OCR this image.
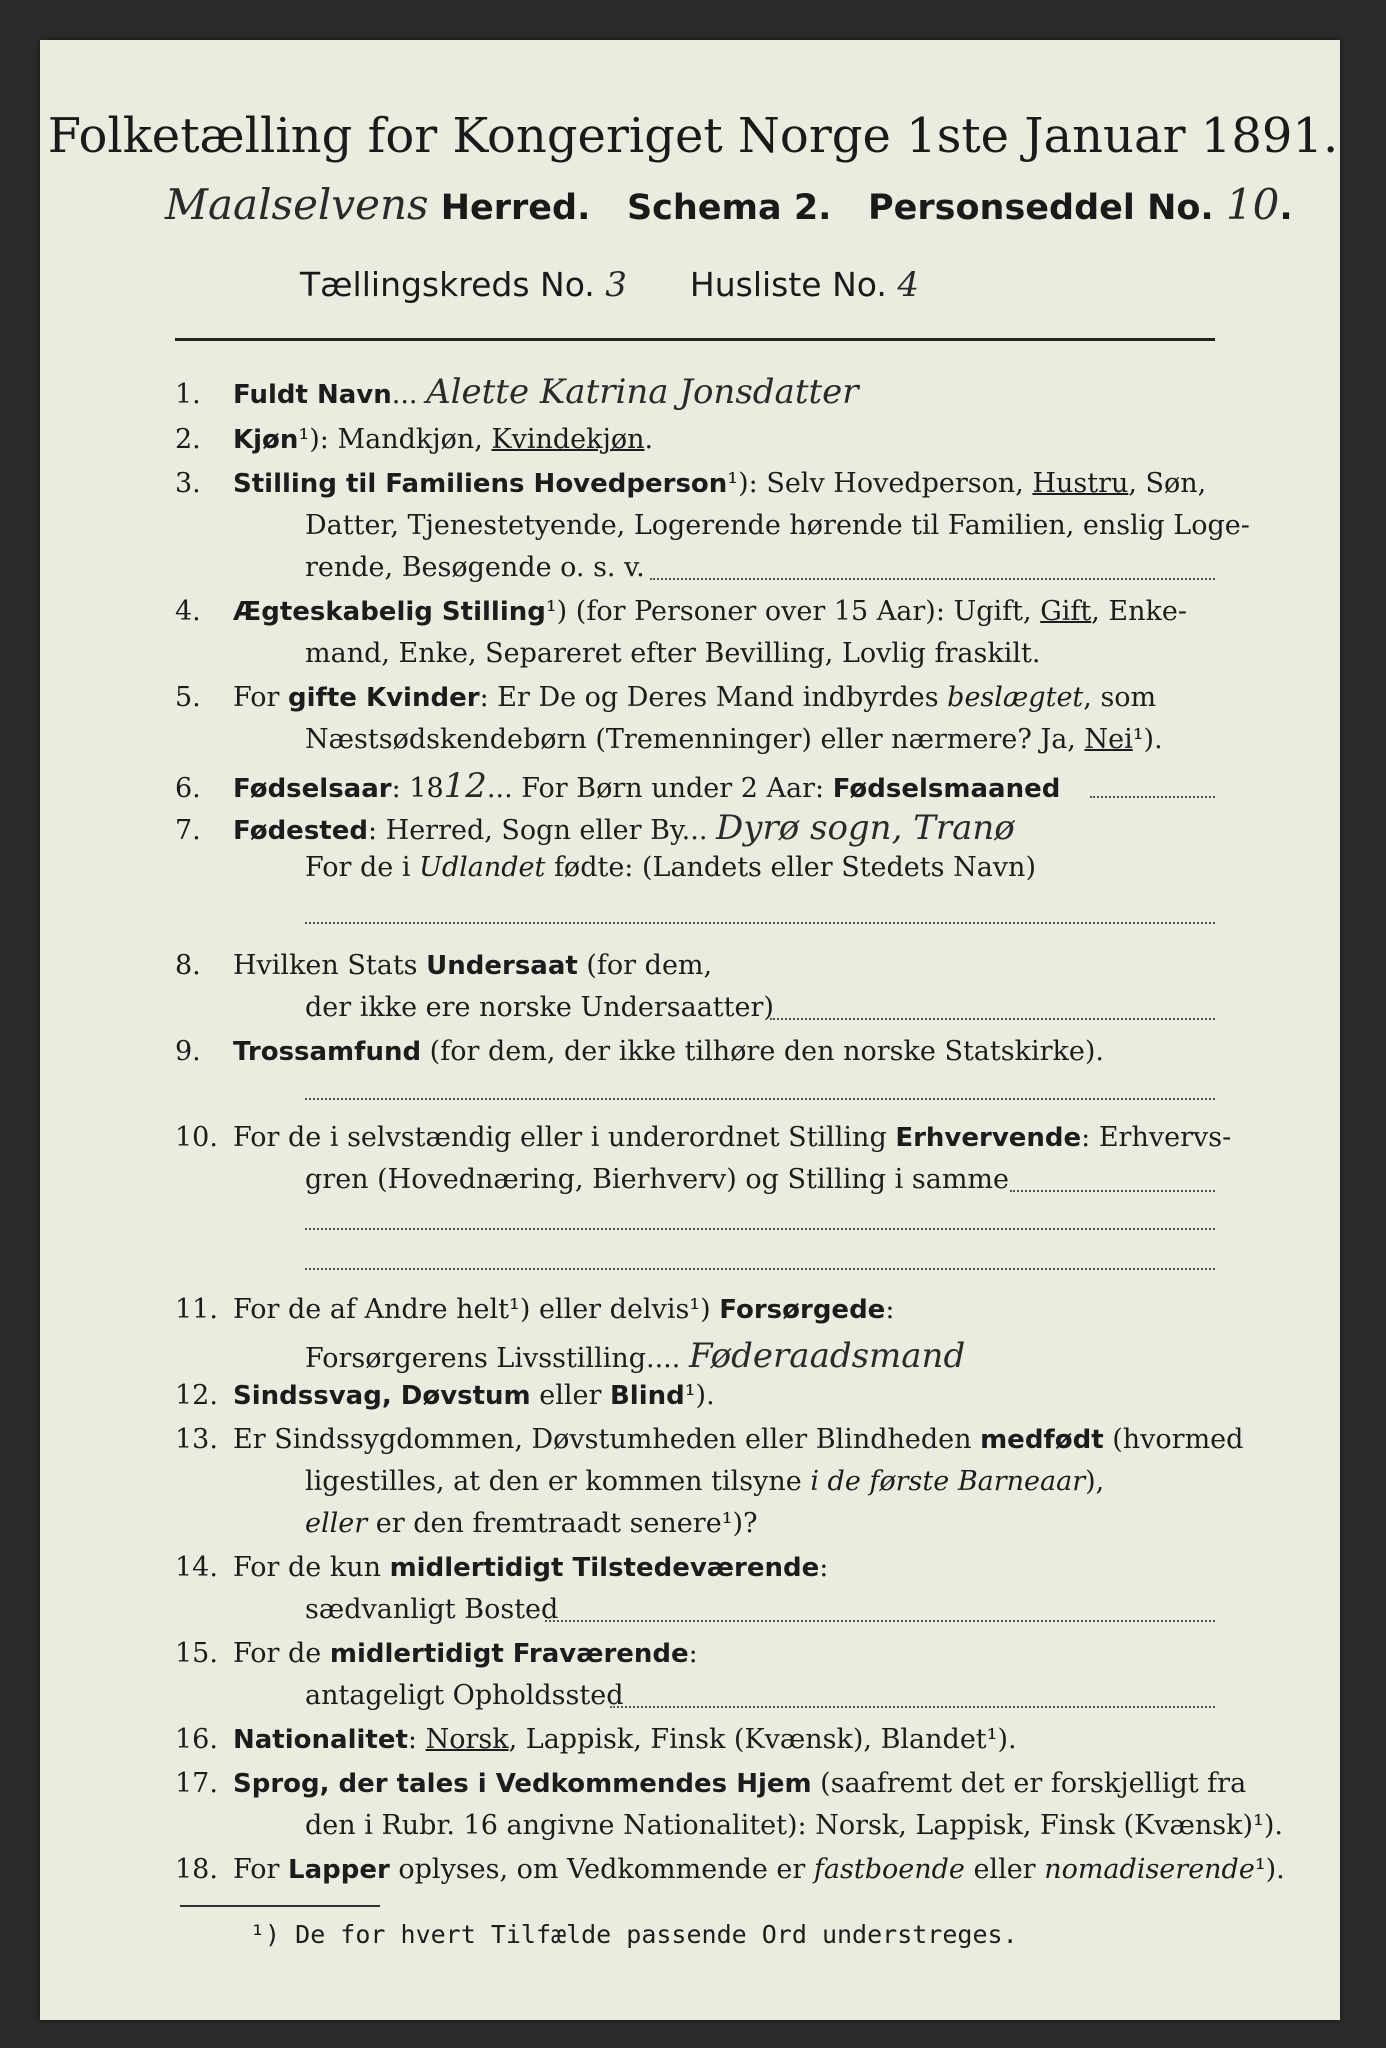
Folketælling for Kongeriget Norge 1ste Januar 1891.
Maalselvens Herred. Schema 2. Personseddel No. 10
Tællingskreds No. 3 Husliste No. 4
1. Fuldt Navn... Alette Katrina Jonsdatter
2. Kjøn¹): Mandkjøn, Kvindekjøn.
3. Stilling til Familiens Hovedperson¹): Selv Hovedperson, Hustru, Søn,
Datter, Tjenestetyende, Logerende hørende til Familien, enslig Loge-
rende, Besøgende o. s. v.
4. Ægteskabelig Stilling¹) (for Personer over 15 Aar): Ugift, Gift, Enke-
mand, Enke, Separeret efter Bevilling, Lovlig fraskilt.
5. For gifte Kvinder: Er De og Deres Mand indbyrdes beslægtet, som
Næstsødskendebørn (Tremenninger) eller nærmere? Ja, Nei¹).
6. Fødselsaar: 1812... For Børn under 2 Aar: Fødselsmaaned
7. Fødested: Herred, Sogn eller By... Dyrø sogn, Tranø
For de i Udlandet fødte: (Landets eller Stedets Navn)
8. Hvilken Stats Undersaat (for dem,
der ikke ere norske Undersaatter)
9. Trossamfund (for dem, der ikke tilhøre den norske Statskirke).
10. For de i selvstændig eller i underordnet Stilling Erhvervende: Erhvervs-
gren (Hovednæring, Bierhverv) og Stilling i samme
11. For de af Andre helt¹) eller delvis¹) Forsørgede:
Forsørgerens Livsstilling.... Føderaadsmand
12. Sindssvag, Døvstum eller Blind¹).
13. Er Sindssygdommen, Døvstumheden eller Blindheden medfødt (hvormed
ligestilles, at den er kommen tilsyne i de første Barneaar),
eller er den fremtraadt senere¹)?
14. For de kun midlertidigt Tilstedeværende:
sædvanligt Bosted
15. For de midlertidigt Fraværende:
antageligt Opholdssted
16. Nationalitet: Norsk, Lappisk, Finsk (Kvænsk), Blandet¹).
17. Sprog, der tales i Vedkommendes Hjem (saafremt det er forskjelligt fra
den i Rubr. 16 angivne Nationalitet): Norsk, Lappisk, Finsk (Kvænsk)¹).
18. For Lapper oplyses, om Vedkommende er fastboende eller nomadiserende¹).
¹) De for hvert Tilfælde passende Ord understreges.
